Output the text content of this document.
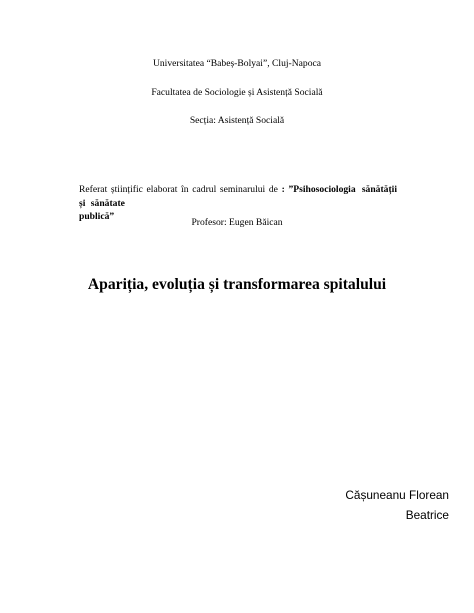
Universitatea “Babeș-Bolyai”, Cluj-Napoca
Facultatea de Sociologie și Asistență Socială
Secția: Asistență Socială
Referat științific elaborat în cadrul seminarului de : ”Psihosociologia sănătății și sănătate
publică”
Profesor: Eugen Băican
Apariția, evoluția și transformarea spitalului
Cășuneanu Florean
Beatrice
